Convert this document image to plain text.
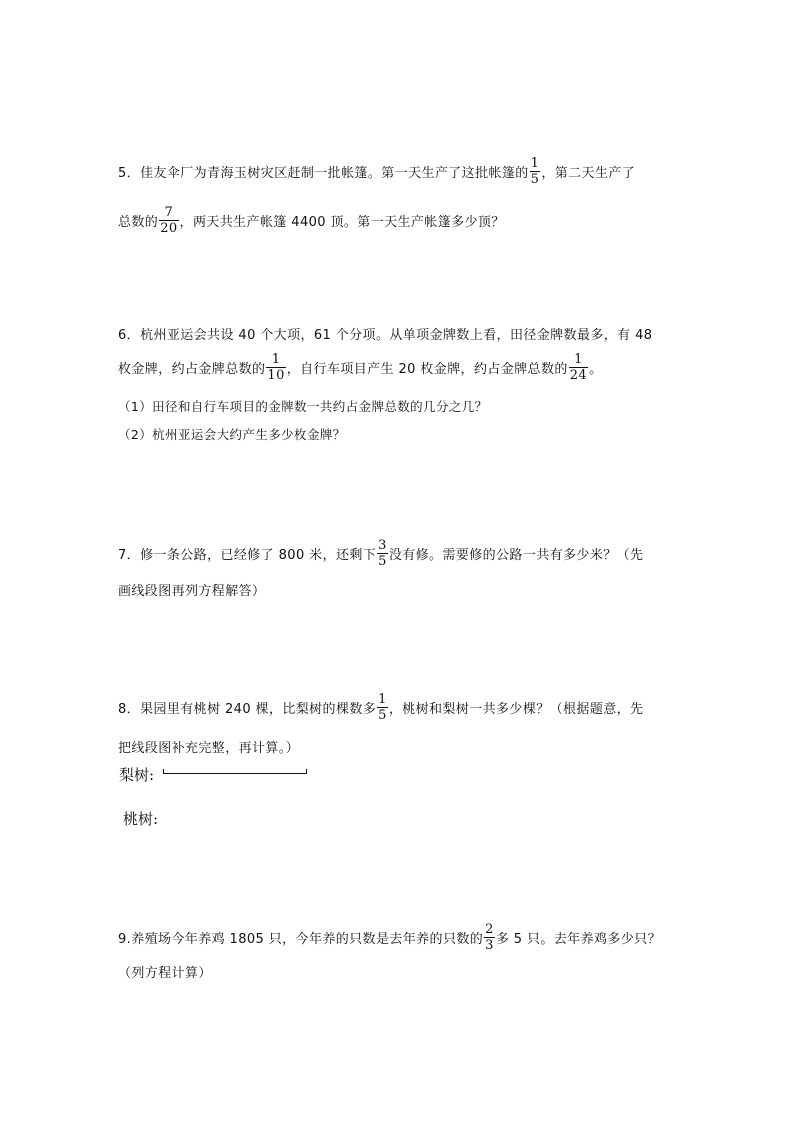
5．佳友伞厂为青海玉树灾区赶制一批帐篷。第一天生产了这批帐篷的 $\frac{1}{5}$ ，第二天生产了
总数的 $\frac{7}{20}$ ，两天共生产帐篷 4400 顶。第一天生产帐篷多少顶？
6．杭州亚运会共设 40 个大项，61 个分项。从单项金牌数上看，田径金牌数最多，有 48
枚金牌，约占金牌总数的 $\frac{1}{10}$ ，自行车项目产生 20 枚金牌，约占金牌总数的 $\frac{1}{24}$ 。
（1）田径和自行车项目的金牌数一共约占金牌总数的几分之几？
（2）杭州亚运会大约产生多少枚金牌？
7．修一条公路，已经修了 800 米，还剩下 $\frac{3}{5}$ 没有修。需要修的公路一共有多少米？（先
画线段图再列方程解答）
8．果园里有桃树 240 棵，比梨树的棵数多 $\frac{1}{5}$ ，桃树和梨树一共多少棵？（根据题意，先
把线段图补充完整，再计算。）
梨树:
桃树:
9.养殖场今年养鸡 1805 只，今年养的只数是去年养的只数的 $\frac{2}{3}$ 多 5 只。去年养鸡多少只？
（列方程计算）
